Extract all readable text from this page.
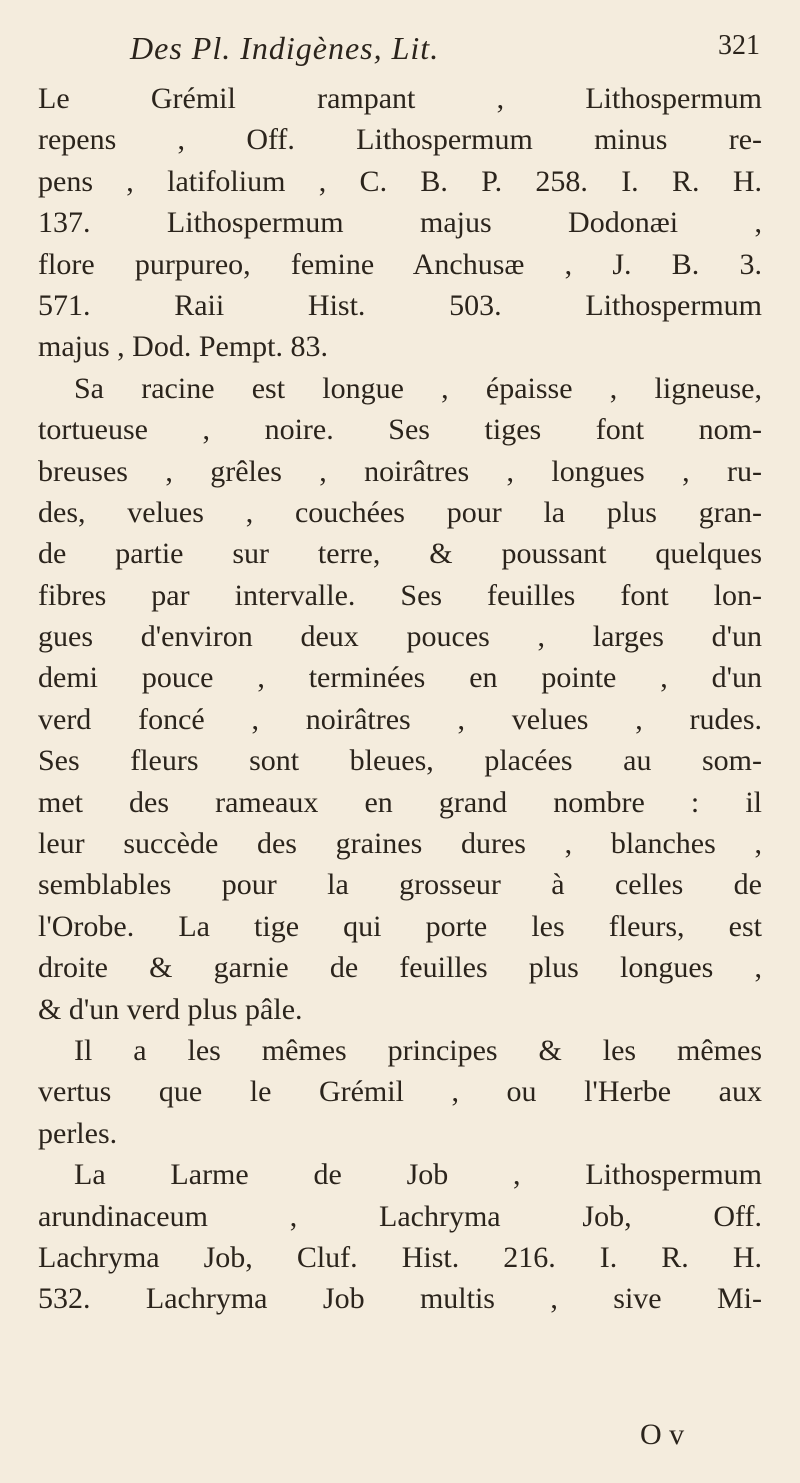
Des Pl. Indigènes, Lit.	321
Le Grémil rampant , Lithospermum
repens , Off. Lithospermum minus re-
pens , latifolium , C. B. P. 258. I. R. H.
137. Lithospermum majus Dodonæi ,
flore purpureo, femine Anchusæ , J. B. 3.
571. Raii Hist. 503. Lithospermum
majus , Dod. Pempt. 83.
Sa racine est longue , épaisse , ligneuse,
tortueuse , noire. Ses tiges font nom-
breuses , grêles , noirâtres , longues , ru-
des, velues , couchées pour la plus gran-
de partie sur terre, & poussant quelques
fibres par intervalle. Ses feuilles font lon-
gues d'environ deux pouces , larges d'un
demi pouce , terminées en pointe , d'un
verd foncé , noirâtres , velues , rudes.
Ses fleurs sont bleues, placées au som-
met des rameaux en grand nombre : il
leur succède des graines dures , blanches ,
semblables pour la grosseur à celles de
l'Orobe. La tige qui porte les fleurs, est
droite & garnie de feuilles plus longues ,
& d'un verd plus pâle.
Il a les mêmes principes & les mêmes
vertus que le Grémil , ou l'Herbe aux
perles.
La Larme de Job , Lithospermum
arundinaceum , Lachryma Job, Off.
Lachryma Job, Cluf. Hist. 216. I. R. H.
532. Lachryma Job multis , sive Mi-
O v
